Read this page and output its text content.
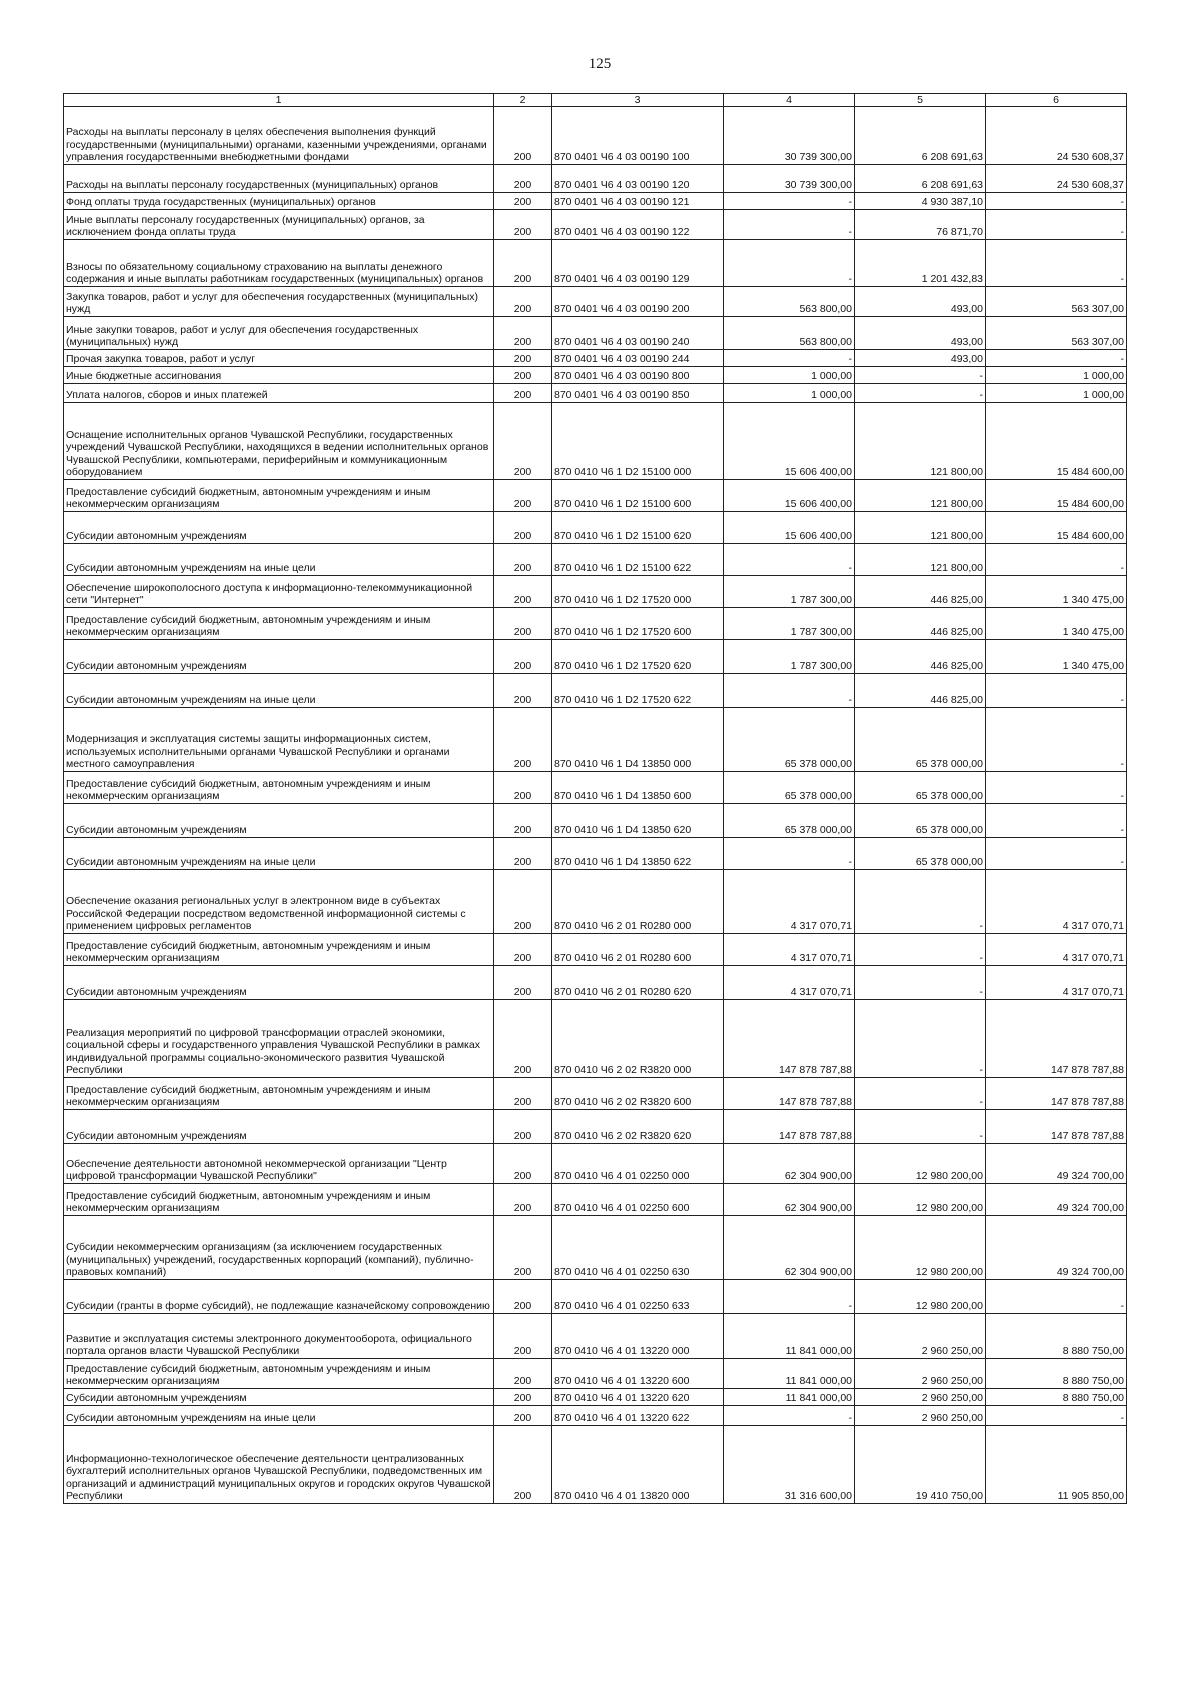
125
1	2	3	4	5	6
Расходы на выплаты персоналу в целях обеспечения выполнения функций государственными (муниципальными) органами, казенными учреждениями, органами управления государственными внебюджетными фондами	200	870 0401 Ч6 4 03 00190 100	30 739 300,00	6 208 691,63	24 530 608,37
Расходы на выплаты персоналу государственных (муниципальных) органов	200	870 0401 Ч6 4 03 00190 120	30 739 300,00	6 208 691,63	24 530 608,37
Фонд оплаты труда государственных (муниципальных) органов	200	870 0401 Ч6 4 03 00190 121	-	4 930 387,10	-
Иные выплаты персоналу государственных (муниципальных) органов, за исключением фонда оплаты труда	200	870 0401 Ч6 4 03 00190 122	-	76 871,70	-
Взносы по обязательному социальному страхованию на выплаты денежного содержания и иные выплаты работникам государственных (муниципальных) органов	200	870 0401 Ч6 4 03 00190 129	-	1 201 432,83	-
Закупка товаров, работ и услуг для обеспечения государственных (муниципальных) нужд	200	870 0401 Ч6 4 03 00190 200	563 800,00	493,00	563 307,00
Иные закупки товаров, работ и услуг для обеспечения государственных (муниципальных) нужд	200	870 0401 Ч6 4 03 00190 240	563 800,00	493,00	563 307,00
Прочая закупка товаров, работ и услуг	200	870 0401 Ч6 4 03 00190 244	-	493,00	-
Иные бюджетные ассигнования	200	870 0401 Ч6 4 03 00190 800	1 000,00	-	1 000,00
Уплата налогов, сборов и иных платежей	200	870 0401 Ч6 4 03 00190 850	1 000,00	-	1 000,00
Оснащение исполнительных органов Чувашской Республики, государственных учреждений Чувашской Республики, находящихся в ведении исполнительных органов Чувашской Республики, компьютерами, периферийным и коммуникационным оборудованием	200	870 0410 Ч6 1 D2 15100 000	15 606 400,00	121 800,00	15 484 600,00
Предоставление субсидий бюджетным, автономным учреждениям и иным некоммерческим организациям	200	870 0410 Ч6 1 D2 15100 600	15 606 400,00	121 800,00	15 484 600,00
Субсидии автономным учреждениям	200	870 0410 Ч6 1 D2 15100 620	15 606 400,00	121 800,00	15 484 600,00
Субсидии автономным учреждениям на иные цели	200	870 0410 Ч6 1 D2 15100 622	-	121 800,00	-
Обеспечение широкополосного доступа к информационно-телекоммуникационной сети "Интернет"	200	870 0410 Ч6 1 D2 17520 000	1 787 300,00	446 825,00	1 340 475,00
Предоставление субсидий бюджетным, автономным учреждениям и иным некоммерческим организациям	200	870 0410 Ч6 1 D2 17520 600	1 787 300,00	446 825,00	1 340 475,00
Субсидии автономным учреждениям	200	870 0410 Ч6 1 D2 17520 620	1 787 300,00	446 825,00	1 340 475,00
Субсидии автономным учреждениям на иные цели	200	870 0410 Ч6 1 D2 17520 622	-	446 825,00	-
Модернизация и эксплуатация системы защиты информационных систем, используемых исполнительными органами Чувашской Республики и органами местного самоуправления	200	870 0410 Ч6 1 D4 13850 000	65 378 000,00	65 378 000,00	-
Предоставление субсидий бюджетным, автономным учреждениям и иным некоммерческим организациям	200	870 0410 Ч6 1 D4 13850 600	65 378 000,00	65 378 000,00	-
Субсидии автономным учреждениям	200	870 0410 Ч6 1 D4 13850 620	65 378 000,00	65 378 000,00	-
Субсидии автономным учреждениям на иные цели	200	870 0410 Ч6 1 D4 13850 622	-	65 378 000,00	-
Обеспечение оказания региональных услуг в электронном виде в субъектах Российской Федерации посредством ведомственной информационной системы с применением цифровых регламентов	200	870 0410 Ч6 2 01 R0280 000	4 317 070,71	-	4 317 070,71
Предоставление субсидий бюджетным, автономным учреждениям и иным некоммерческим организациям	200	870 0410 Ч6 2 01 R0280 600	4 317 070,71	-	4 317 070,71
Субсидии автономным учреждениям	200	870 0410 Ч6 2 01 R0280 620	4 317 070,71	-	4 317 070,71
Реализация мероприятий по цифровой трансформации отраслей экономики, социальной сферы и государственного управления Чувашской Республики в рамках индивидуальной программы социально-экономического развития Чувашской Республики	200	870 0410 Ч6 2 02 R3820 000	147 878 787,88	-	147 878 787,88
Предоставление субсидий бюджетным, автономным учреждениям и иным некоммерческим организациям	200	870 0410 Ч6 2 02 R3820 600	147 878 787,88	-	147 878 787,88
Субсидии автономным учреждениям	200	870 0410 Ч6 2 02 R3820 620	147 878 787,88	-	147 878 787,88
Обеспечение деятельности автономной некоммерческой организации "Центр цифровой трансформации Чувашской Республики"	200	870 0410 Ч6 4 01 02250 000	62 304 900,00	12 980 200,00	49 324 700,00
Предоставление субсидий бюджетным, автономным учреждениям и иным некоммерческим организациям	200	870 0410 Ч6 4 01 02250 600	62 304 900,00	12 980 200,00	49 324 700,00
Субсидии некоммерческим организациям (за исключением государственных (муниципальных) учреждений, государственных корпораций (компаний), публично-правовых компаний)	200	870 0410 Ч6 4 01 02250 630	62 304 900,00	12 980 200,00	49 324 700,00
Субсидии (гранты в форме субсидий), не подлежащие казначейскому сопровождению	200	870 0410 Ч6 4 01 02250 633	-	12 980 200,00	-
Развитие и эксплуатация системы электронного документооборота, официального портала органов власти Чувашской Республики	200	870 0410 Ч6 4 01 13220 000	11 841 000,00	2 960 250,00	8 880 750,00
Предоставление субсидий бюджетным, автономным учреждениям и иным некоммерческим организациям	200	870 0410 Ч6 4 01 13220 600	11 841 000,00	2 960 250,00	8 880 750,00
Субсидии автономным учреждениям	200	870 0410 Ч6 4 01 13220 620	11 841 000,00	2 960 250,00	8 880 750,00
Субсидии автономным учреждениям на иные цели	200	870 0410 Ч6 4 01 13220 622	-	2 960 250,00	-
Информационно-технологическое обеспечение деятельности централизованных бухгалтерий исполнительных органов Чувашской Республики, подведомственных им организаций и администраций муниципальных округов и городских округов Чувашской Республики	200	870 0410 Ч6 4 01 13820 000	31 316 600,00	19 410 750,00	11 905 850,00
